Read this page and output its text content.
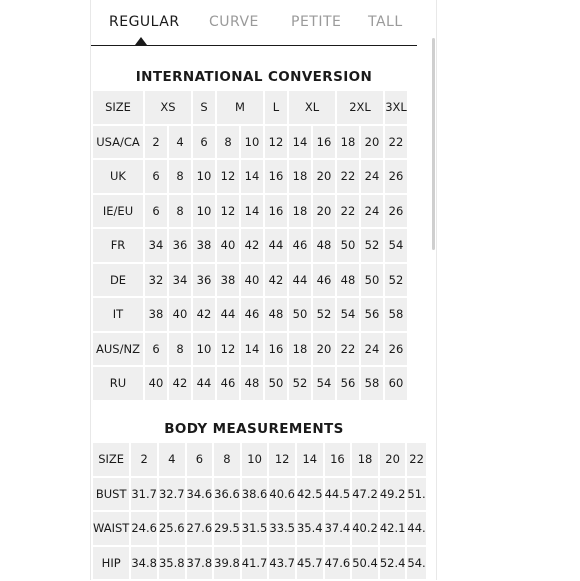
REGULAR CURVE PETITE TALL
INTERNATIONAL CONVERSION
SIZE	XS		S	M		L	XL		2XL		3XL
USA/CA	2	4	6	8	10	12	14	16	18	20	22
UK	6	8	10	12	14	16	18	20	22	24	26
IE/EU	6	8	10	12	14	16	18	20	22	24	26
FR	34	36	38	40	42	44	46	48	50	52	54
DE	32	34	36	38	40	42	44	46	48	50	52
IT	38	40	42	44	46	48	50	52	54	56	58
AUS/NZ	6	8	10	12	14	16	18	20	22	24	26
RU	40	42	44	46	48	50	52	54	56	58	60
BODY MEASUREMENTS
SIZE	2	4	6	8	10	12	14	16	18	20	22
BUST	31.7	32.7	34.6	36.6	38.6	40.6	42.5	44.5	47.2	49.2	51.
WAIST	24.6	25.6	27.6	29.5	31.5	33.5	35.4	37.4	40.2	42.1	44.
HIP	34.8	35.8	37.8	39.8	41.7	43.7	45.7	47.6	50.4	52.4	54.
